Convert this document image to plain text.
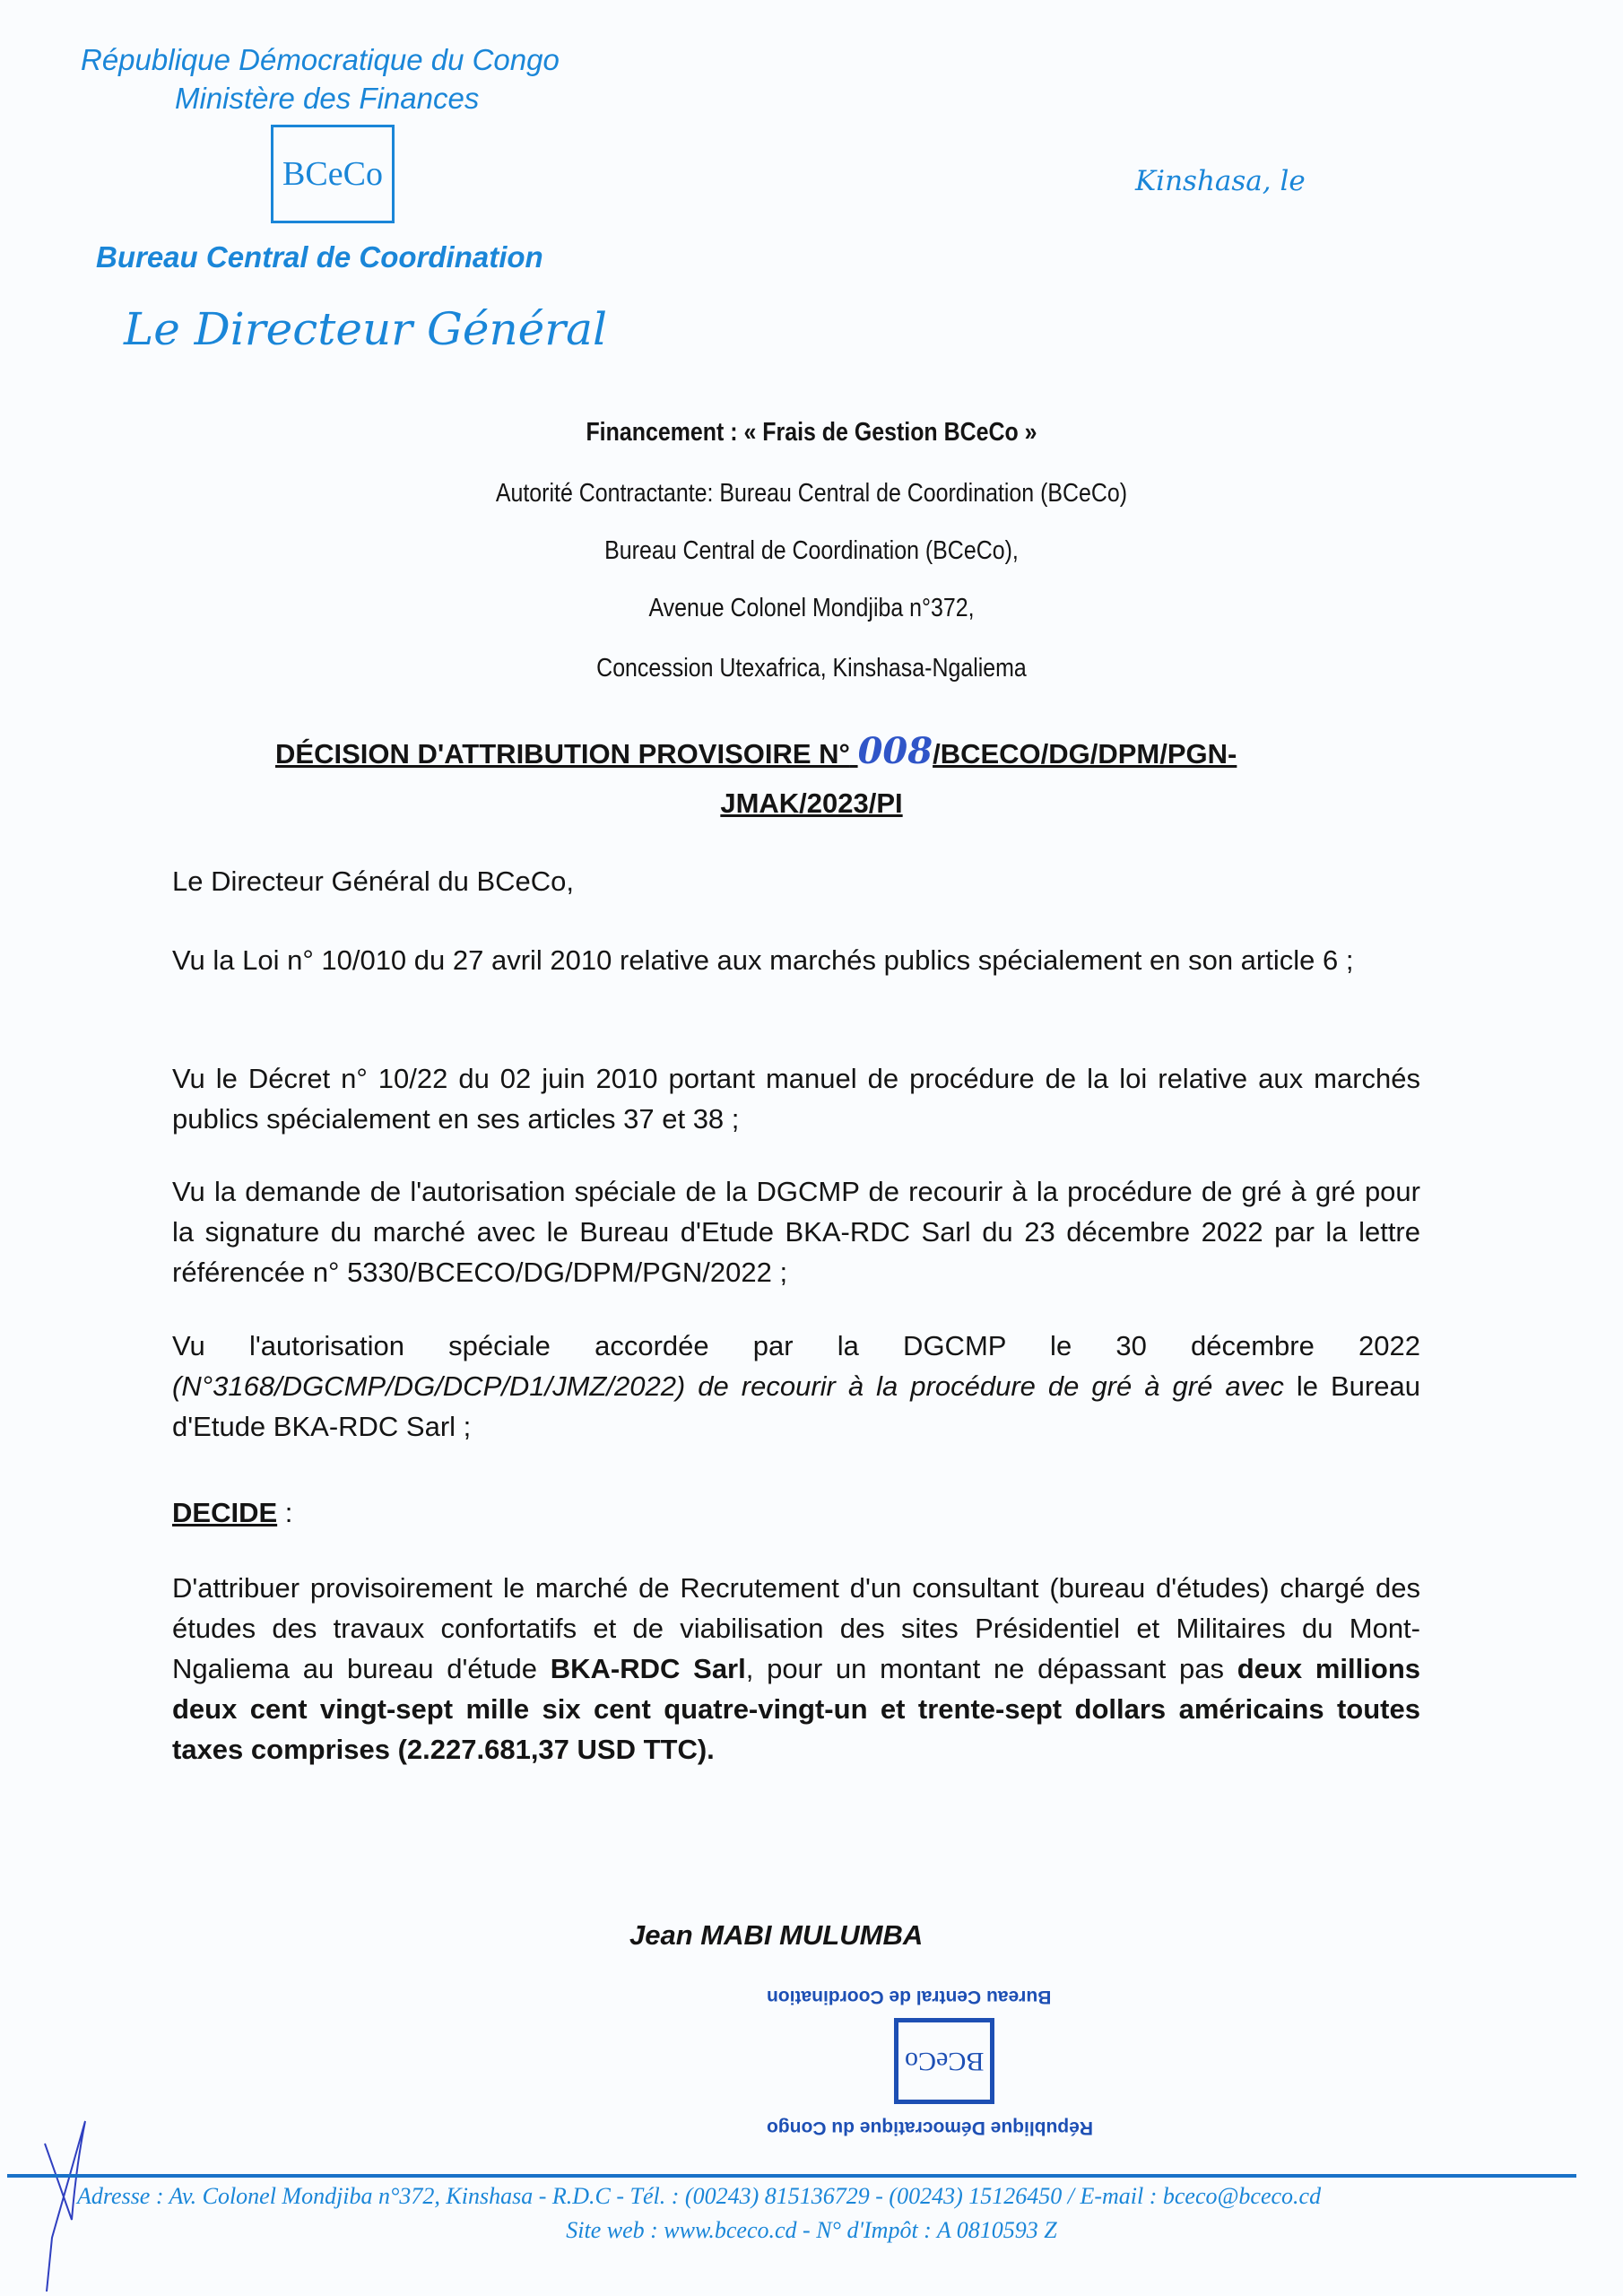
République Démocratique du Congo
Ministère des Finances
BCeCo
Bureau Central de Coordination
Le Directeur Général
Kinshasa, le
Financement : « Frais de Gestion BCeCo »
Autorité Contractante: Bureau Central de Coordination (BCeCo)
Bureau Central de Coordination (BCeCo),
Avenue Colonel Mondjiba n°372,
Concession Utexafrica, Kinshasa-Ngaliema
DÉCISION D'ATTRIBUTION PROVISOIRE N° 008/BCECO/DG/DPM/PGN-
JMAK/2023/PI
Le Directeur Général du BCeCo,
Vu la Loi n° 10/010 du 27 avril 2010 relative aux marchés publics spécialement en son article 6 ;
Vu le Décret n° 10/22 du 02 juin 2010 portant manuel de procédure de la loi relative aux marchés publics spécialement en ses articles 37 et 38 ;
Vu la demande de l'autorisation spéciale de la DGCMP de recourir à la procédure de gré à gré pour la signature du marché avec le Bureau d'Etude BKA-RDC Sarl du 23 décembre 2022 par la lettre référencée n° 5330/BCECO/DG/DPM/PGN/2022 ;
Vu l'autorisation spéciale accordée par la DGCMP le 30 décembre 2022 (N°3168/DGCMP/DG/DCP/D1/JMZ/2022) de recourir à la procédure de gré à gré avec le Bureau d'Etude BKA-RDC Sarl ;
DECIDE :
D'attribuer provisoirement le marché de Recrutement d'un consultant (bureau d'études) chargé des études des travaux confortatifs et de viabilisation des sites Présidentiel et Militaires du Mont-Ngaliema au bureau d'étude BKA-RDC Sarl, pour un montant ne dépassant pas deux millions deux cent vingt-sept mille six cent quatre-vingt-un et trente-sept dollars américains toutes taxes comprises (2.227.681,37 USD TTC).
Jean MABI MULUMBA
Bureau Central de Coordination
BCeCo
République Démocratique du Congo
Adresse : Av. Colonel Mondjiba n°372, Kinshasa - R.D.C - Tél. : (00243) 815136729 - (00243) 15126450 / E-mail : bceco@bceco.cd
Site web : www.bceco.cd - N° d'Impôt : A 0810593 Z
